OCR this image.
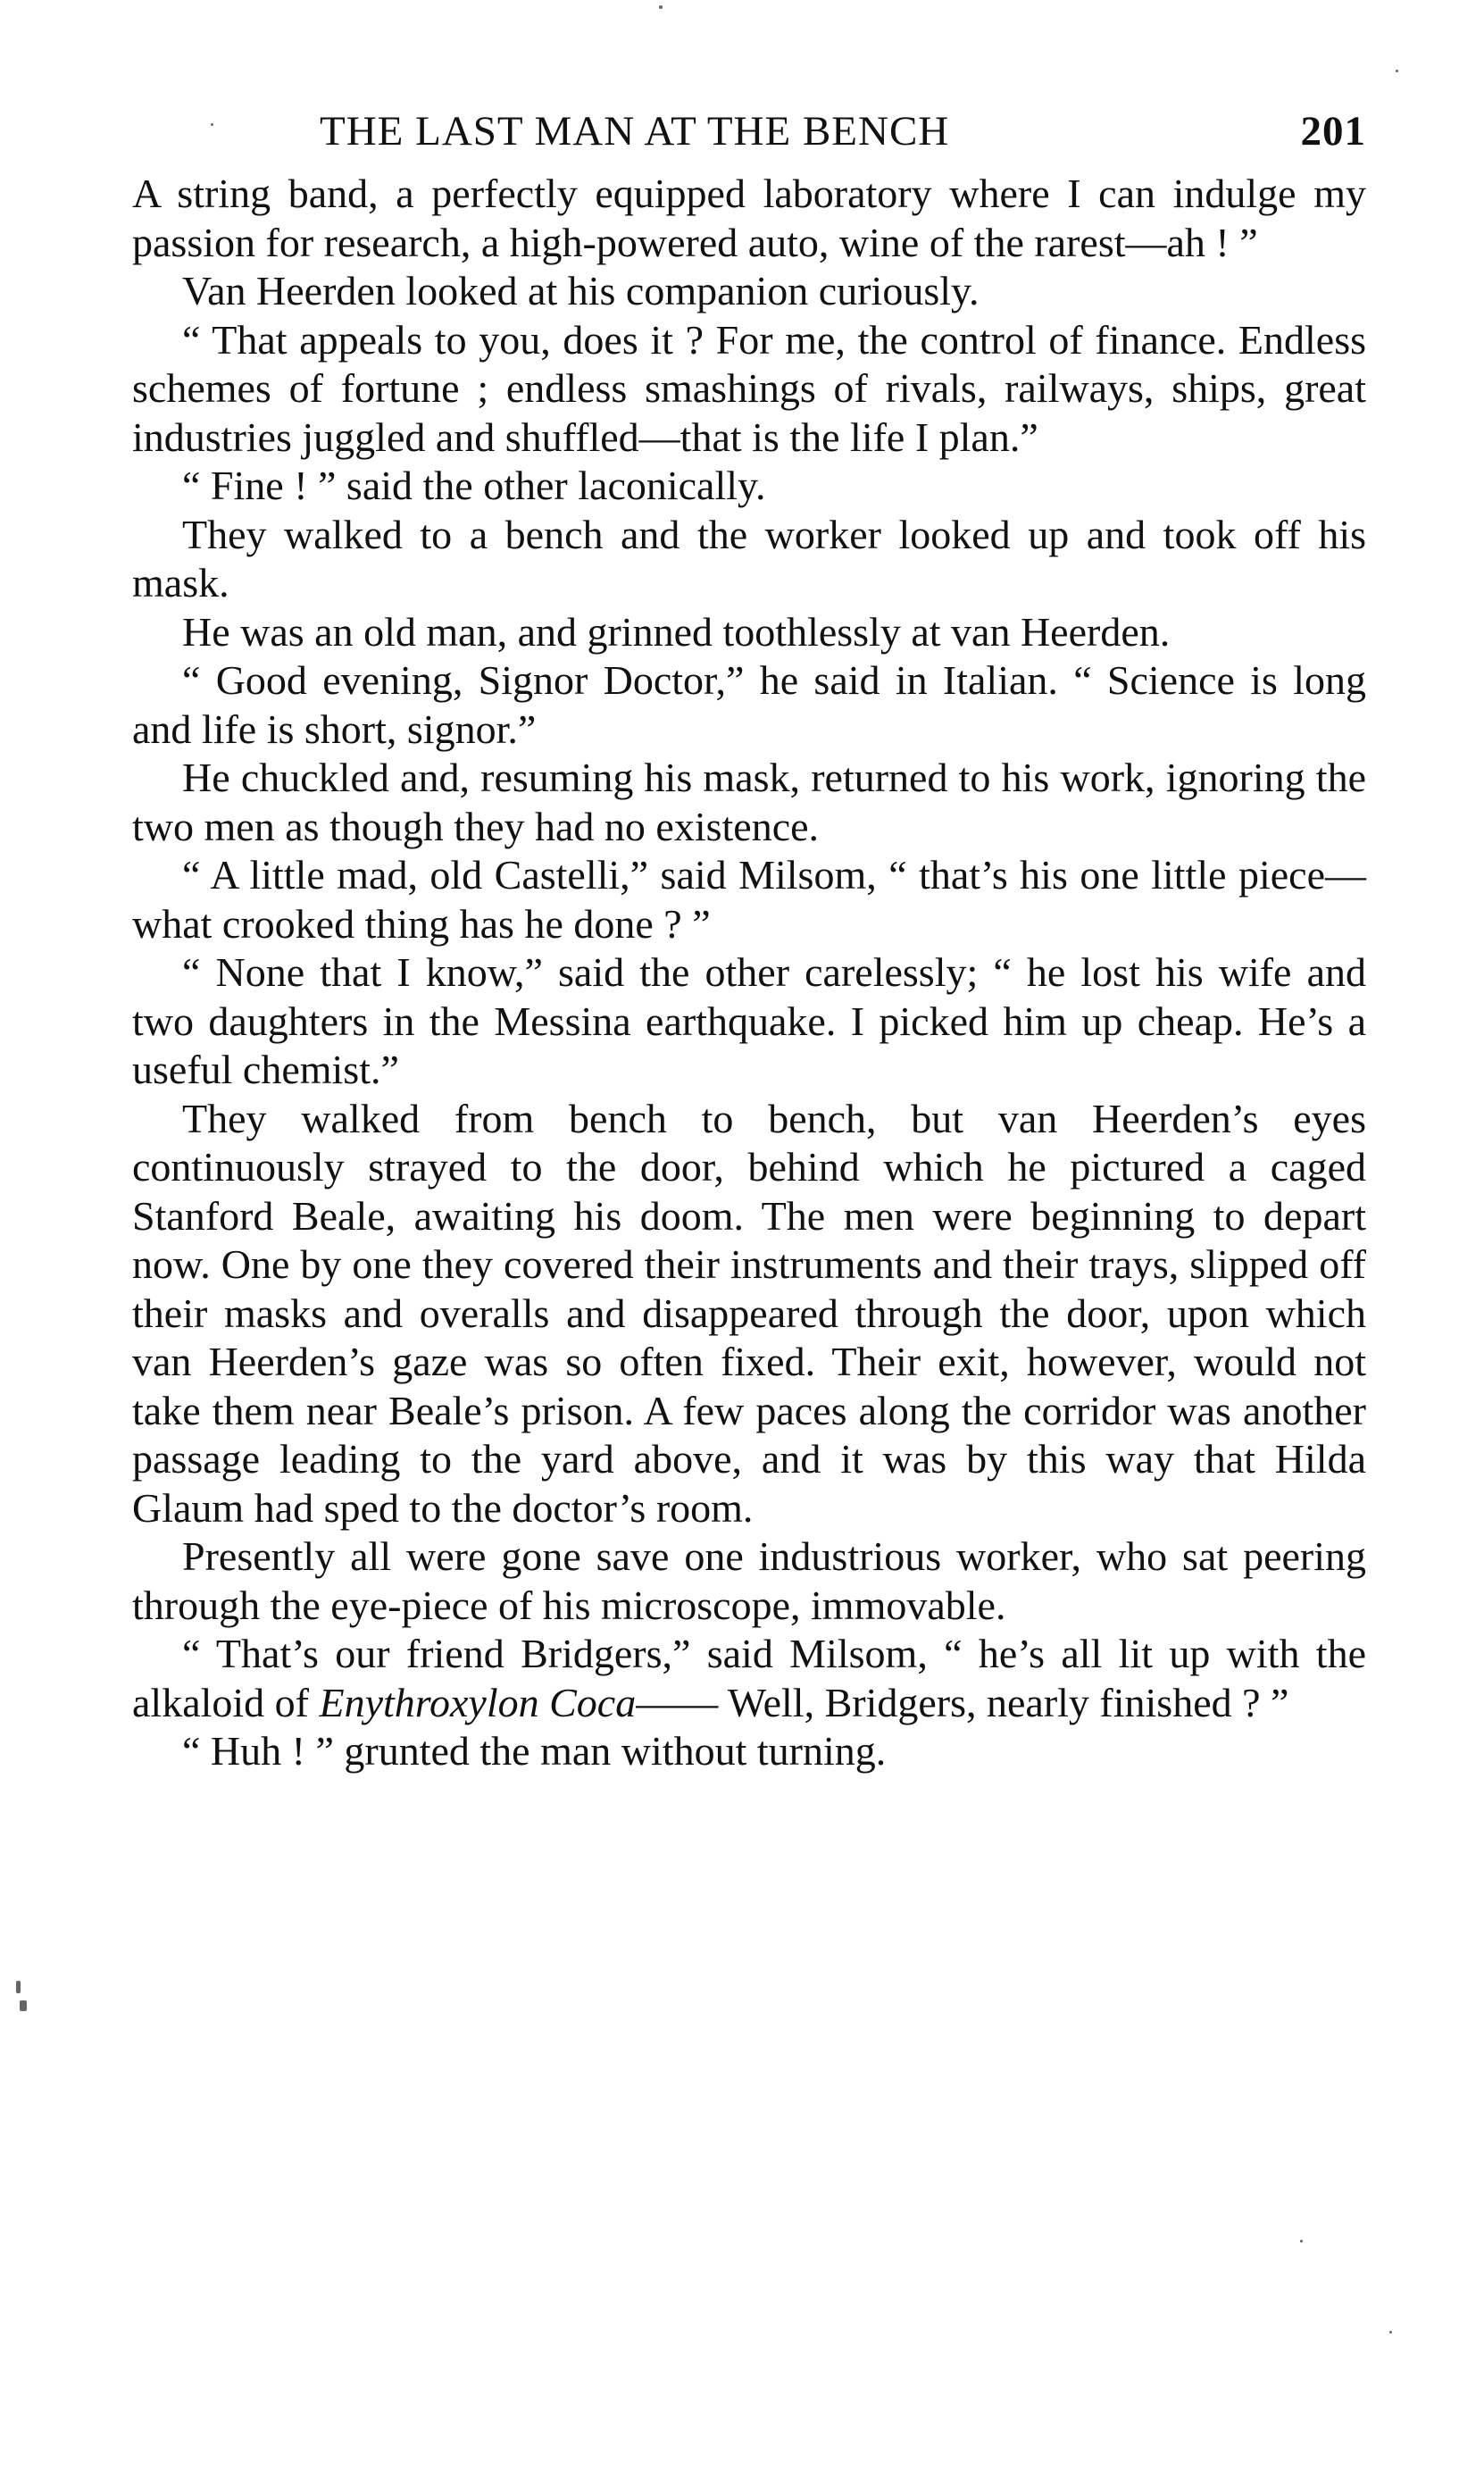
THE LAST MAN AT THE BENCH	201

A string band, a perfectly equipped laboratory where I can indulge my passion for research, a high-powered auto, wine of the rarest—ah ! ”

Van Heerden looked at his companion curiously.

“ That appeals to you, does it ? For me, the control of finance. Endless schemes of fortune ; endless smashings of rivals, railways, ships, great industries juggled and shuffled—that is the life I plan.”

“ Fine ! ” said the other laconically.

They walked to a bench and the worker looked up and took off his mask.

He was an old man, and grinned toothlessly at van Heerden.

“ Good evening, Signor Doctor,” he said in Italian. “ Science is long and life is short, signor.”

He chuckled and, resuming his mask, returned to his work, ignoring the two men as though they had no existence.

“ A little mad, old Castelli,” said Milsom, “ that’s his one little piece—what crooked thing has he done ? ”

“ None that I know,” said the other carelessly; “ he lost his wife and two daughters in the Messina earthquake. I picked him up cheap. He’s a useful chemist.”

They walked from bench to bench, but van Heerden’s eyes continuously strayed to the door, behind which he pictured a caged Stanford Beale, awaiting his doom. The men were beginning to depart now. One by one they covered their instruments and their trays, slipped off their masks and overalls and disappeared through the door, upon which van Heerden’s gaze was so often fixed. Their exit, however, would not take them near Beale’s prison. A few paces along the corridor was another passage leading to the yard above, and it was by this way that Hilda Glaum had sped to the doctor’s room.

Presently all were gone save one industrious worker, who sat peering through the eye-piece of his microscope, immovable.

“ That’s our friend Bridgers,” said Milsom, “ he’s all lit up with the alkaloid of Enythroxylon Coca—— Well, Bridgers, nearly finished ? ”

“ Huh ! ” grunted the man without turning.
